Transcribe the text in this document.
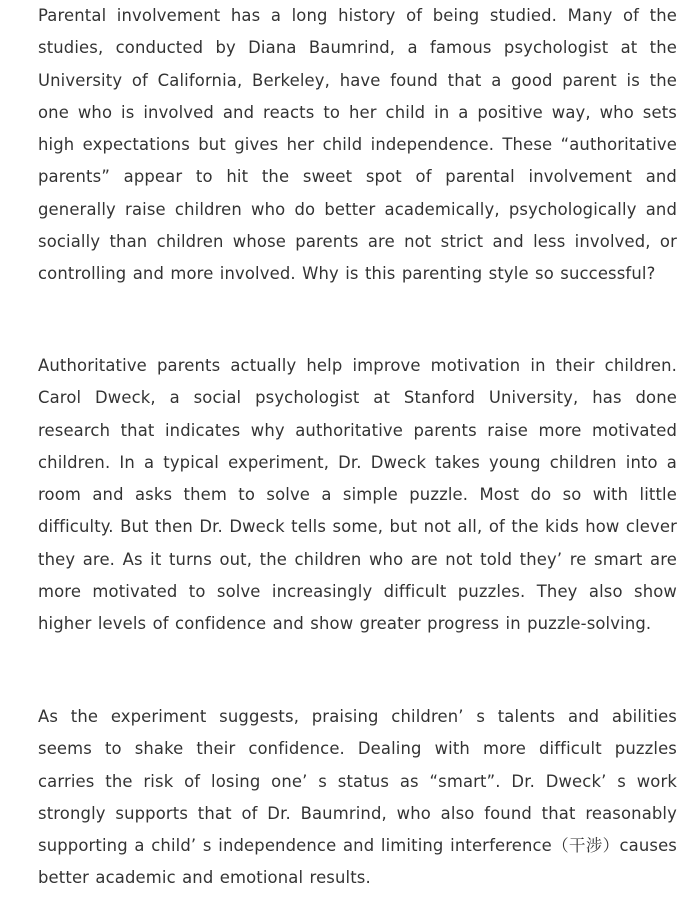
Parental involvement has a long history of being studied. Many of the studies, conducted by Diana Baumrind, a famous psychologist at the University of California, Berkeley, have found that a good parent is the one who is involved and reacts to her child in a positive way, who sets high expectations but gives her child independence. These “authoritative parents” appear to hit the sweet spot of parental involvement and generally raise children who do better academically, psychologically and socially than children whose parents are not strict and less involved, or controlling and more involved. Why is this parenting style so successful?

Authoritative parents actually help improve motivation in their children. Carol Dweck, a social psychologist at Stanford University, has done research that indicates why authoritative parents raise more motivated children. In a typical experiment, Dr. Dweck takes young children into a room and asks them to solve a simple puzzle. Most do so with little difficulty. But then Dr. Dweck tells some, but not all, of the kids how clever they are. As it turns out, the children who are not told they’ re smart are more motivated to solve increasingly difficult puzzles. They also show higher levels of confidence and show greater progress in puzzle-solving.

As the experiment suggests, praising children’ s talents and abilities seems to shake their confidence. Dealing with more difficult puzzles carries the risk of losing one’ s status as “smart”. Dr. Dweck’ s work strongly supports that of Dr. Baumrind, who also found that reasonably supporting a child’ s independence and limiting interference（干涉）causes better academic and emotional results.
